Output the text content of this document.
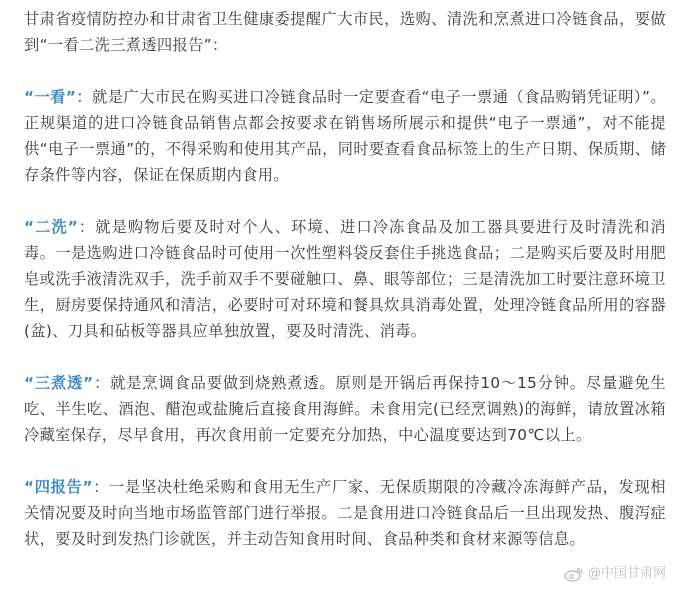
甘肃省疫情防控办和甘肃省卫生健康委提醒广大市民，选购、清洗和烹煮进口冷链食品，要做到“一看二洗三煮透四报告”：

“一看”：就是广大市民在购买进口冷链食品时一定要查看“电子一票通（食品购销凭证明）”。正规渠道的进口冷链食品销售点都会按要求在销售场所展示和提供“电子一票通”，对不能提供“电子一票通”的，不得采购和使用其产品，同时要查看食品标签上的生产日期、保质期、储存条件等内容，保证在保质期内食用。

“二洗”：就是购物后要及时对个人、环境、进口冷冻食品及加工器具要进行及时清洗和消毒。一是选购进口冷链食品时可使用一次性塑料袋反套住手挑选食品；二是购买后要及时用肥皂或洗手液清洗双手，洗手前双手不要碰触口、鼻、眼等部位；三是清洗加工时要注意环境卫生，厨房要保持通风和清洁，必要时可对环境和餐具炊具消毒处置，处理冷链食品所用的容器(盆)、刀具和砧板等器具应单独放置，要及时清洗、消毒。

“三煮透”：就是烹调食品要做到烧熟煮透。原则是开锅后再保持10～15分钟。尽量避免生吃、半生吃、酒泡、醋泡或盐腌后直接食用海鲜。未食用完(已经烹调熟)的海鲜，请放置冰箱冷藏室保存，尽早食用，再次食用前一定要充分加热，中心温度要达到70℃以上。

“四报告”：一是坚决杜绝采购和食用无生产厂家、无保质期限的冷藏冷冻海鲜产品，发现相关情况要及时向当地市场监管部门进行举报。二是食用进口冷链食品后一旦出现发热、腹泻症状，要及时到发热门诊就医，并主动告知食用时间、食品种类和食材来源等信息。

@中国甘肃网
